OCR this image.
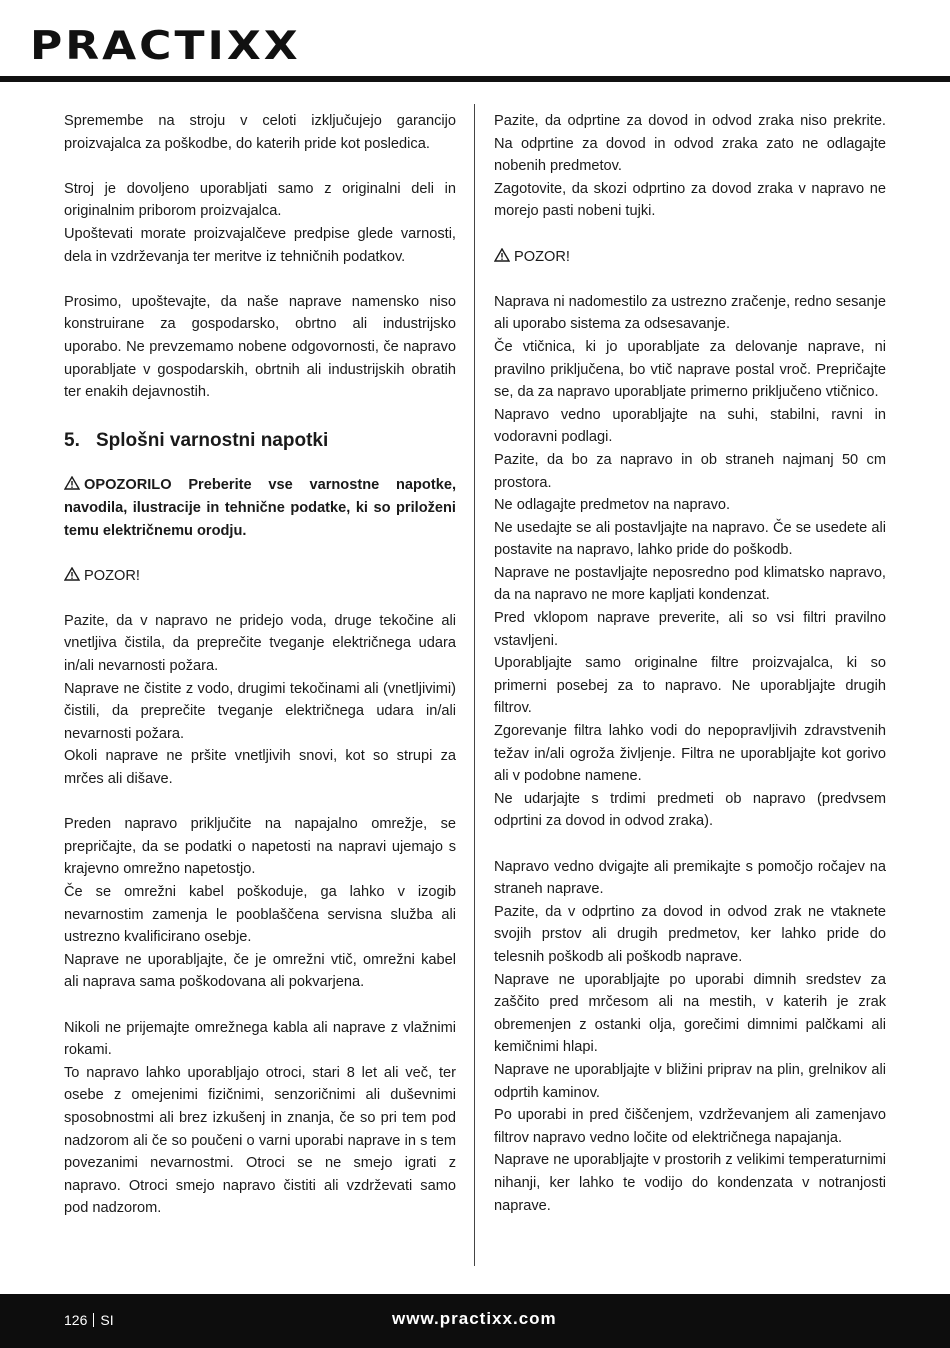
PRACTIXX

Spremembe na stroju v celoti izključujejo garancijo proizvajalca za poškodbe, do katerih pride kot posledica.

Stroj je dovoljeno uporabljati samo z originalni deli in originalnim priborom proizvajalca.

Upoštevati morate proizvajalčeve predpise glede varnosti, dela in vzdrževanja ter meritve iz tehničnih podatkov.

Prosimo, upoštevajte, da naše naprave namensko niso konstruirane za gospodarsko, obrtno ali industrijsko uporabo. Ne prevzemamo nobene odgovornosti, če napravo uporabljate v gospodarskih, obrtnih ali industrijskih obratih ter enakih dejavnostih.

5. Splošni varnostni napotki

OPOZORILO Preberite vse varnostne napotke, navodila, ilustracije in tehnične podatke, ki so priloženi temu električnemu orodju.

POZOR!

Pazite, da v napravo ne pridejo voda, druge tekočine ali vnetljiva čistila, da preprečite tveganje električnega udara in/ali nevarnosti požara.

Naprave ne čistite z vodo, drugimi tekočinami ali (vnetljivimi) čistili, da preprečite tveganje električnega udara in/ali nevarnosti požara.

Okoli naprave ne pršite vnetljivih snovi, kot so strupi za mrčes ali dišave.

Preden napravo priključite na napajalno omrežje, se prepričajte, da se podatki o napetosti na napravi ujemajo s krajevno omrežno napetostjo.

Če se omrežni kabel poškoduje, ga lahko v izogib nevarnostim zamenja le pooblaščena servisna služba ali ustrezno kvalificirano osebje.

Naprave ne uporabljajte, če je omrežni vtič, omrežni kabel ali naprava sama poškodovana ali pokvarjena.

Nikoli ne prijemajte omrežnega kabla ali naprave z vlažnimi rokami.

To napravo lahko uporabljajo otroci, stari 8 let ali več, ter osebe z omejenimi fizičnimi, senzoričnimi ali duševnimi sposobnostmi ali brez izkušenj in znanja, če so pri tem pod nadzorom ali če so poučeni o varni uporabi naprave in s tem povezanimi nevarnostmi. Otroci se ne smejo igrati z napravo. Otroci smejo napravo čistiti ali vzdrževati samo pod nadzorom.

Pazite, da odprtine za dovod in odvod zraka niso prekrite. Na odprtine za dovod in odvod zraka zato ne odlagajte nobenih predmetov.

Zagotovite, da skozi odprtino za dovod zraka v napravo ne morejo pasti nobeni tujki.

POZOR!

Naprava ni nadomestilo za ustrezno zračenje, redno sesanje ali uporabo sistema za odsesavanje.

Če vtičnica, ki jo uporabljate za delovanje naprave, ni pravilno priključena, bo vtič naprave postal vroč. Prepričajte se, da za napravo uporabljate primerno priključeno vtičnico.

Napravo vedno uporabljajte na suhi, stabilni, ravni in vodoravni podlagi.

Pazite, da bo za napravo in ob straneh najmanj 50 cm prostora.

Ne odlagajte predmetov na napravo.

Ne usedajte se ali postavljajte na napravo. Če se usedete ali postavite na napravo, lahko pride do poškodb.

Naprave ne postavljajte neposredno pod klimatsko napravo, da na napravo ne more kapljati kondenzat.

Pred vklopom naprave preverite, ali so vsi filtri pravilno vstavljeni.

Uporabljajte samo originalne filtre proizvajalca, ki so primerni posebej za to napravo. Ne uporabljajte drugih filtrov.

Zgorevanje filtra lahko vodi do nepopravljivih zdravstvenih težav in/ali ogroža življenje. Filtra ne uporabljajte kot gorivo ali v podobne namene.

Ne udarjajte s trdimi predmeti ob napravo (predvsem odprtini za dovod in odvod zraka).

Napravo vedno dvigajte ali premikajte s pomočjo ročajev na straneh naprave.

Pazite, da v odprtino za dovod in odvod zrak ne vtaknete svojih prstov ali drugih predmetov, ker lahko pride do telesnih poškodb ali poškodb naprave.

Naprave ne uporabljajte po uporabi dimnih sredstev za zaščito pred mrčesom ali na mestih, v katerih je zrak obremenjen z ostanki olja, gorečimi dimnimi palčkami ali kemičnimi hlapi.

Naprave ne uporabljajte v bližini priprav na plin, grelnikov ali odprtih kaminov.

Po uporabi in pred čiščenjem, vzdrževanjem ali zamenjavo filtrov napravo vedno ločite od električnega napajanja.

Naprave ne uporabljajte v prostorih z velikimi temperaturnimi nihanji, ker lahko te vodijo do kondenzata v notranjosti naprave.

126 SI	www.practixx.com
